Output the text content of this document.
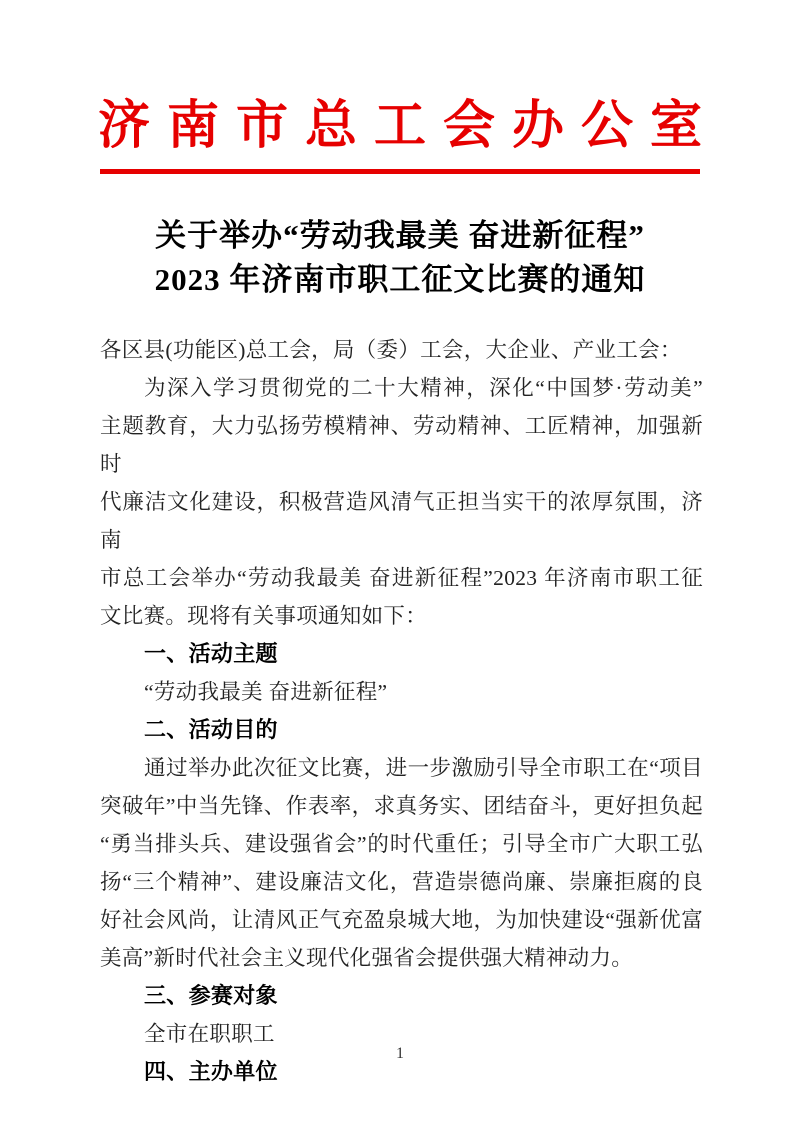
济南市总工会办公室
关于举办“劳动我最美 奋进新征程”
2023 年济南市职工征文比赛的通知
各区县(功能区)总工会，局（委）工会，大企业、产业工会：
为深入学习贯彻党的二十大精神，深化“中国梦·劳动美”
主题教育，大力弘扬劳模精神、劳动精神、工匠精神，加强新时
代廉洁文化建设，积极营造风清气正担当实干的浓厚氛围，济南
市总工会举办“劳动我最美 奋进新征程”2023 年济南市职工征
文比赛。现将有关事项通知如下：
一、活动主题
“劳动我最美 奋进新征程”
二、活动目的
通过举办此次征文比赛，进一步激励引导全市职工在“项目
突破年”中当先锋、作表率，求真务实、团结奋斗，更好担负起
“勇当排头兵、建设强省会”的时代重任；引导全市广大职工弘
扬“三个精神”、建设廉洁文化，营造崇德尚廉、崇廉拒腐的良
好社会风尚，让清风正气充盈泉城大地，为加快建设“强新优富
美高”新时代社会主义现代化强省会提供强大精神动力。
三、参赛对象
全市在职职工
四、主办单位
1
